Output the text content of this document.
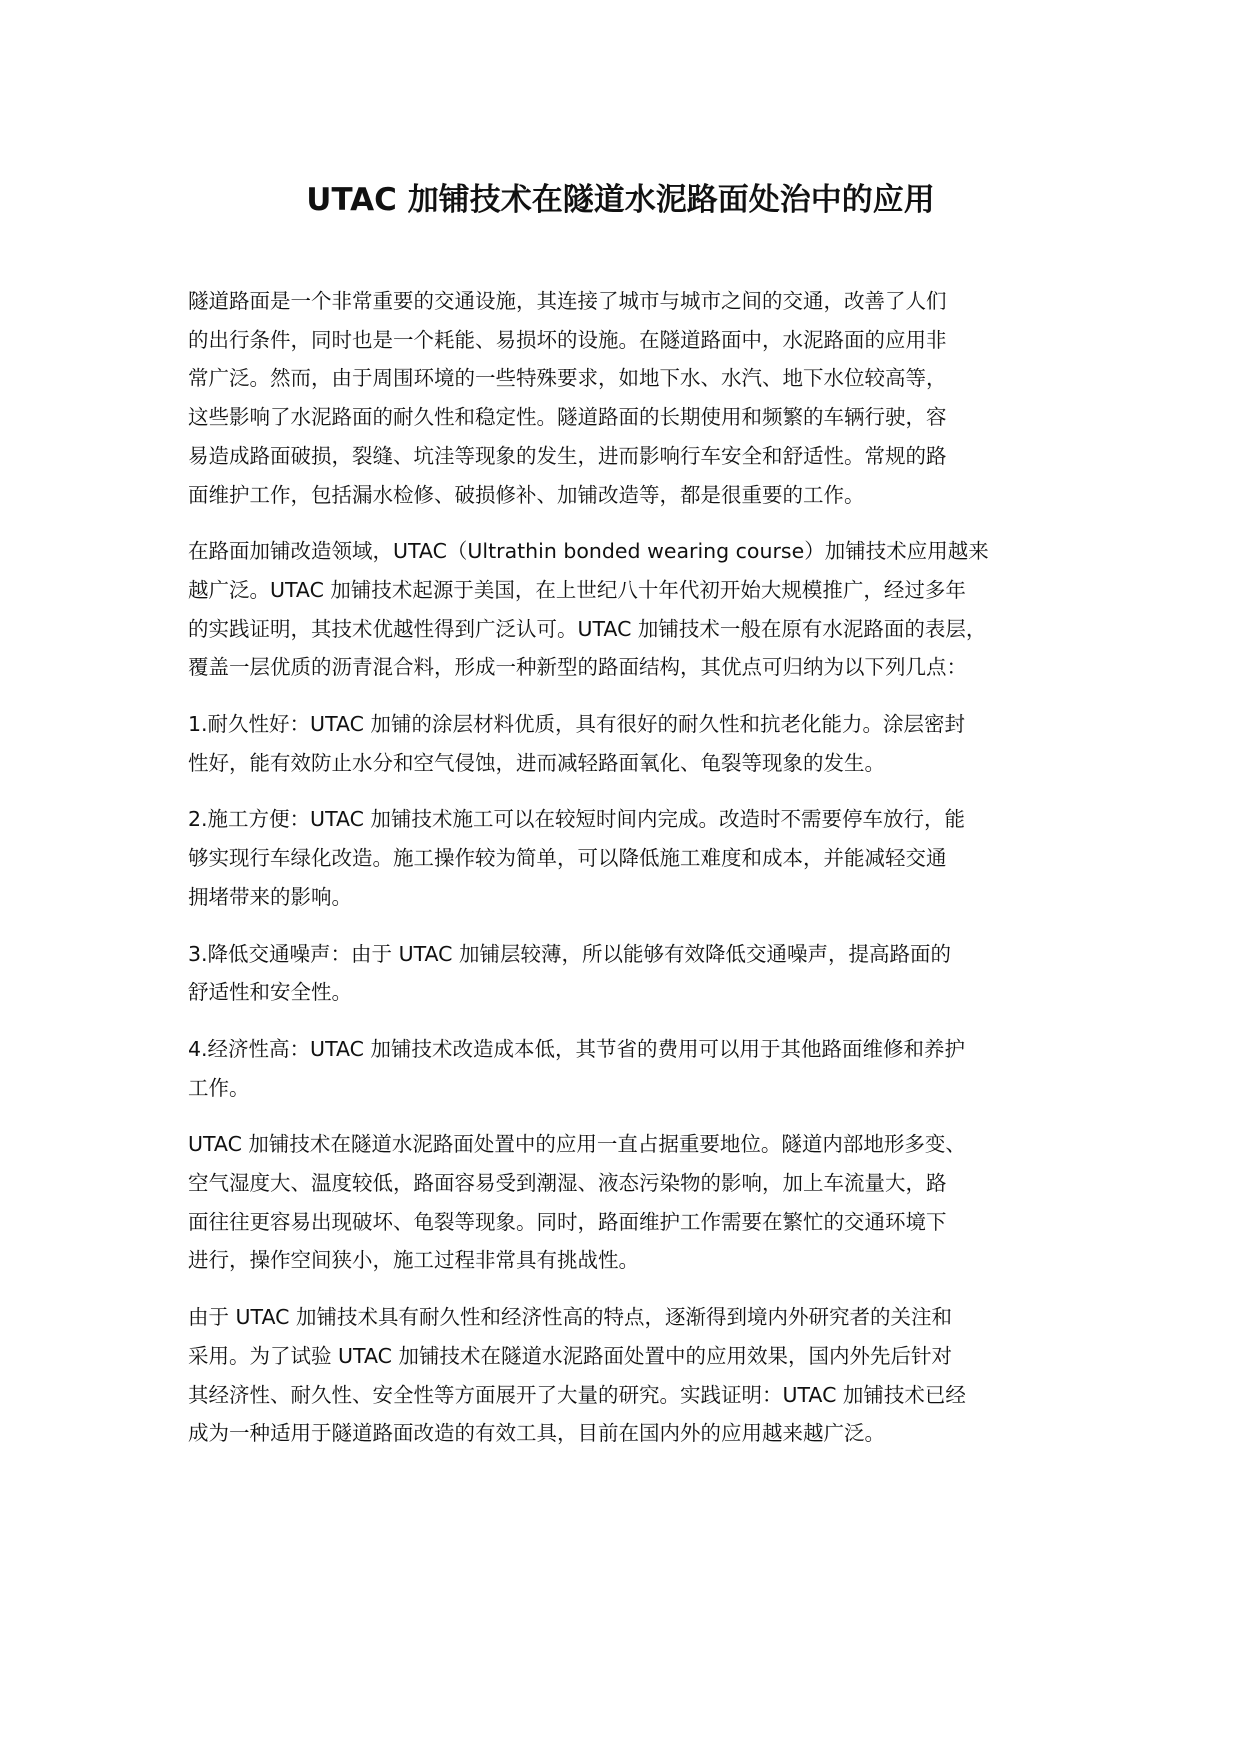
UTAC 加铺技术在隧道水泥路面处治中的应用

隧道路面是一个非常重要的交通设施，其连接了城市与城市之间的交通，改善了人们
的出行条件，同时也是一个耗能、易损坏的设施。在隧道路面中，水泥路面的应用非
常广泛。然而，由于周围环境的一些特殊要求，如地下水、水汽、地下水位较高等，
这些影响了水泥路面的耐久性和稳定性。隧道路面的长期使用和频繁的车辆行驶，容
易造成路面破损，裂缝、坑洼等现象的发生，进而影响行车安全和舒适性。常规的路
面维护工作，包括漏水检修、破损修补、加铺改造等，都是很重要的工作。

在路面加铺改造领域，UTAC（Ultrathin bonded wearing course）加铺技术应用越来
越广泛。UTAC 加铺技术起源于美国，在上世纪八十年代初开始大规模推广，经过多年
的实践证明，其技术优越性得到广泛认可。UTAC 加铺技术一般在原有水泥路面的表层，
覆盖一层优质的沥青混合料，形成一种新型的路面结构，其优点可归纳为以下列几点：

1.耐久性好：UTAC 加铺的涂层材料优质，具有很好的耐久性和抗老化能力。涂层密封
性好，能有效防止水分和空气侵蚀，进而减轻路面氧化、龟裂等现象的发生。

2.施工方便：UTAC 加铺技术施工可以在较短时间内完成。改造时不需要停车放行，能
够实现行车绿化改造。施工操作较为简单，可以降低施工难度和成本，并能减轻交通
拥堵带来的影响。

3.降低交通噪声：由于 UTAC 加铺层较薄，所以能够有效降低交通噪声，提高路面的
舒适性和安全性。

4.经济性高：UTAC 加铺技术改造成本低，其节省的费用可以用于其他路面维修和养护
工作。

UTAC 加铺技术在隧道水泥路面处置中的应用一直占据重要地位。隧道内部地形多变、
空气湿度大、温度较低，路面容易受到潮湿、液态污染物的影响，加上车流量大，路
面往往更容易出现破坏、龟裂等现象。同时，路面维护工作需要在繁忙的交通环境下
进行，操作空间狭小，施工过程非常具有挑战性。

由于 UTAC 加铺技术具有耐久性和经济性高的特点，逐渐得到境内外研究者的关注和
采用。为了试验 UTAC 加铺技术在隧道水泥路面处置中的应用效果，国内外先后针对
其经济性、耐久性、安全性等方面展开了大量的研究。实践证明：UTAC 加铺技术已经
成为一种适用于隧道路面改造的有效工具，目前在国内外的应用越来越广泛。
